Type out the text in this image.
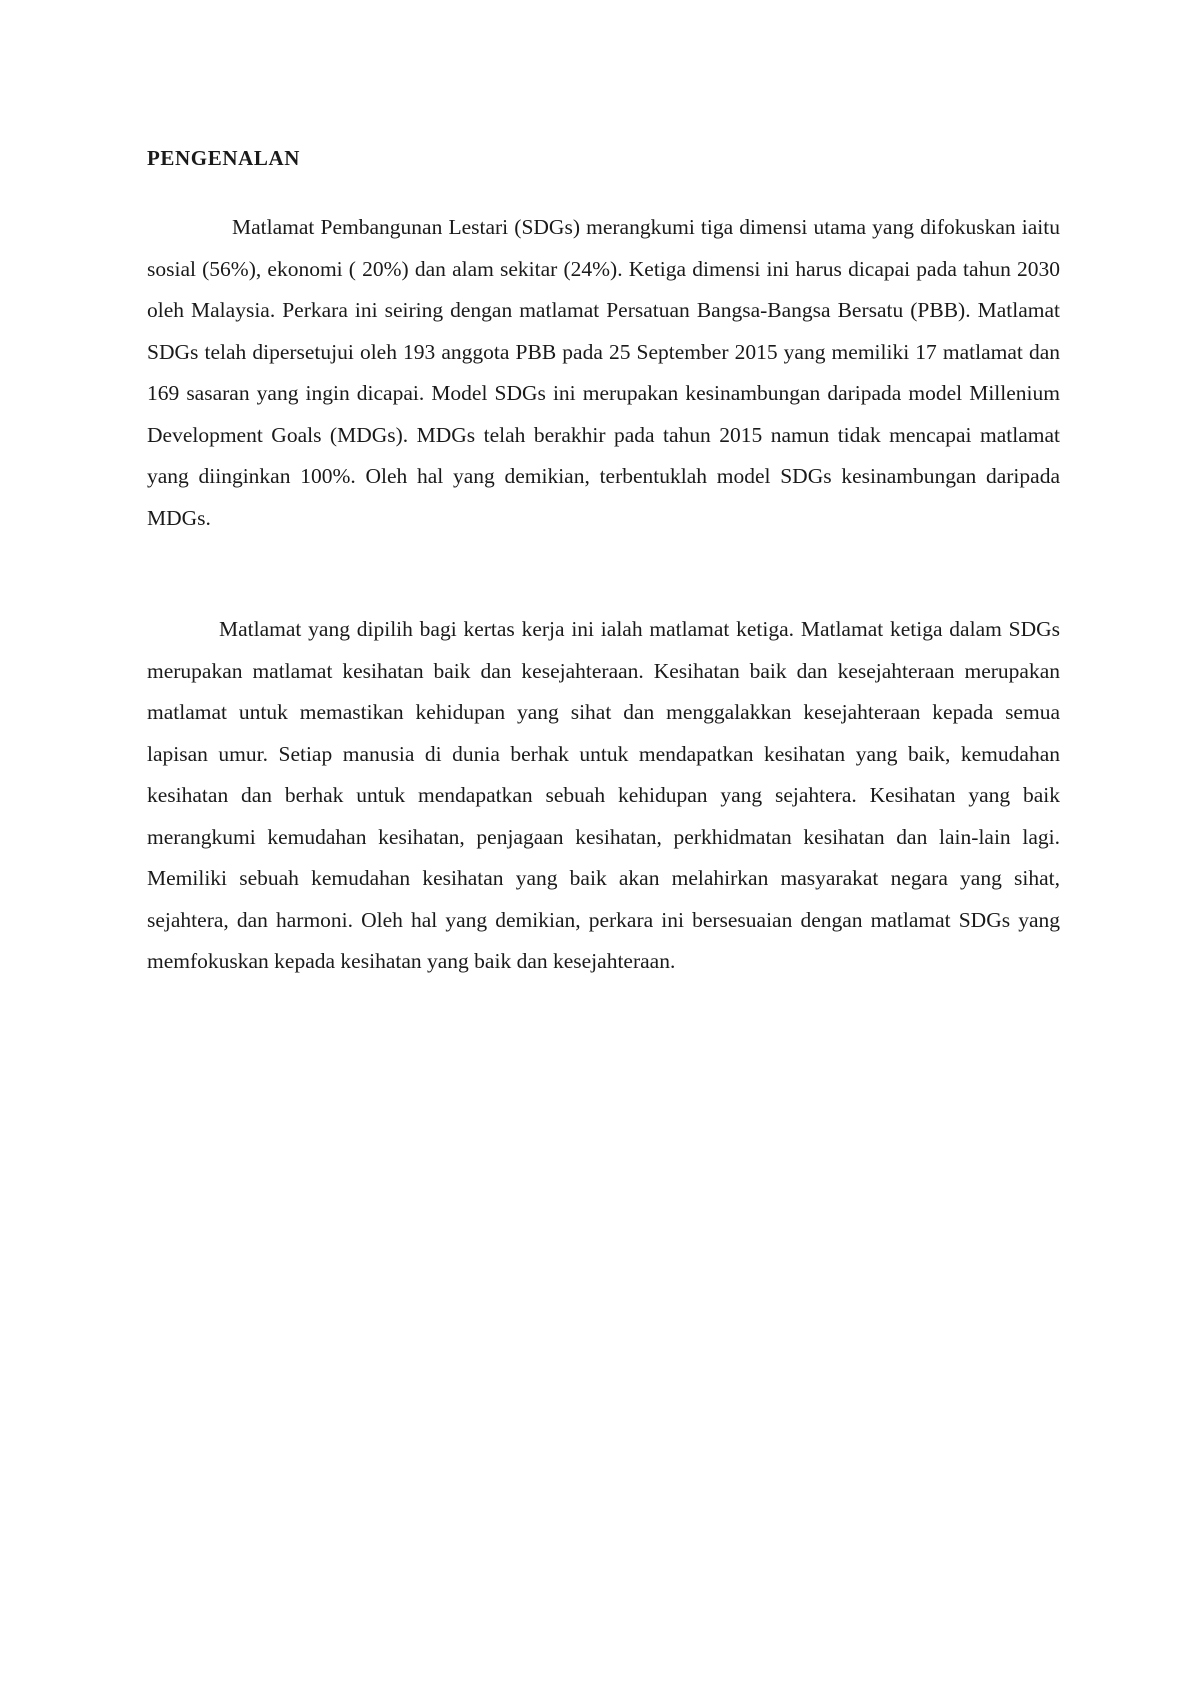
PENGENALAN

Matlamat Pembangunan Lestari (SDGs) merangkumi tiga dimensi utama yang difokuskan iaitu sosial (56%), ekonomi ( 20%) dan alam sekitar (24%). Ketiga dimensi ini harus dicapai pada tahun 2030 oleh Malaysia. Perkara ini seiring dengan matlamat Persatuan Bangsa-Bangsa Bersatu (PBB). Matlamat SDGs telah dipersetujui oleh 193 anggota PBB pada 25 September 2015 yang memiliki 17 matlamat dan 169 sasaran yang ingin dicapai. Model SDGs ini merupakan kesinambungan daripada model Millenium Development Goals (MDGs). MDGs telah berakhir pada tahun 2015 namun tidak mencapai matlamat yang diinginkan 100%. Oleh hal yang demikian, terbentuklah model SDGs kesinambungan daripada MDGs.

Matlamat yang dipilih bagi kertas kerja ini ialah matlamat ketiga. Matlamat ketiga dalam SDGs merupakan matlamat kesihatan baik dan kesejahteraan. Kesihatan baik dan kesejahteraan merupakan matlamat untuk memastikan kehidupan yang sihat dan menggalakkan kesejahteraan kepada semua lapisan umur. Setiap manusia di dunia berhak untuk mendapatkan kesihatan yang baik, kemudahan kesihatan dan berhak untuk mendapatkan sebuah kehidupan yang sejahtera. Kesihatan yang baik merangkumi kemudahan kesihatan, penjagaan kesihatan, perkhidmatan kesihatan dan lain-lain lagi. Memiliki sebuah kemudahan kesihatan yang baik akan melahirkan masyarakat negara yang sihat, sejahtera, dan harmoni. Oleh hal yang demikian, perkara ini bersesuaian dengan matlamat SDGs yang memfokuskan kepada kesihatan yang baik dan kesejahteraan.
